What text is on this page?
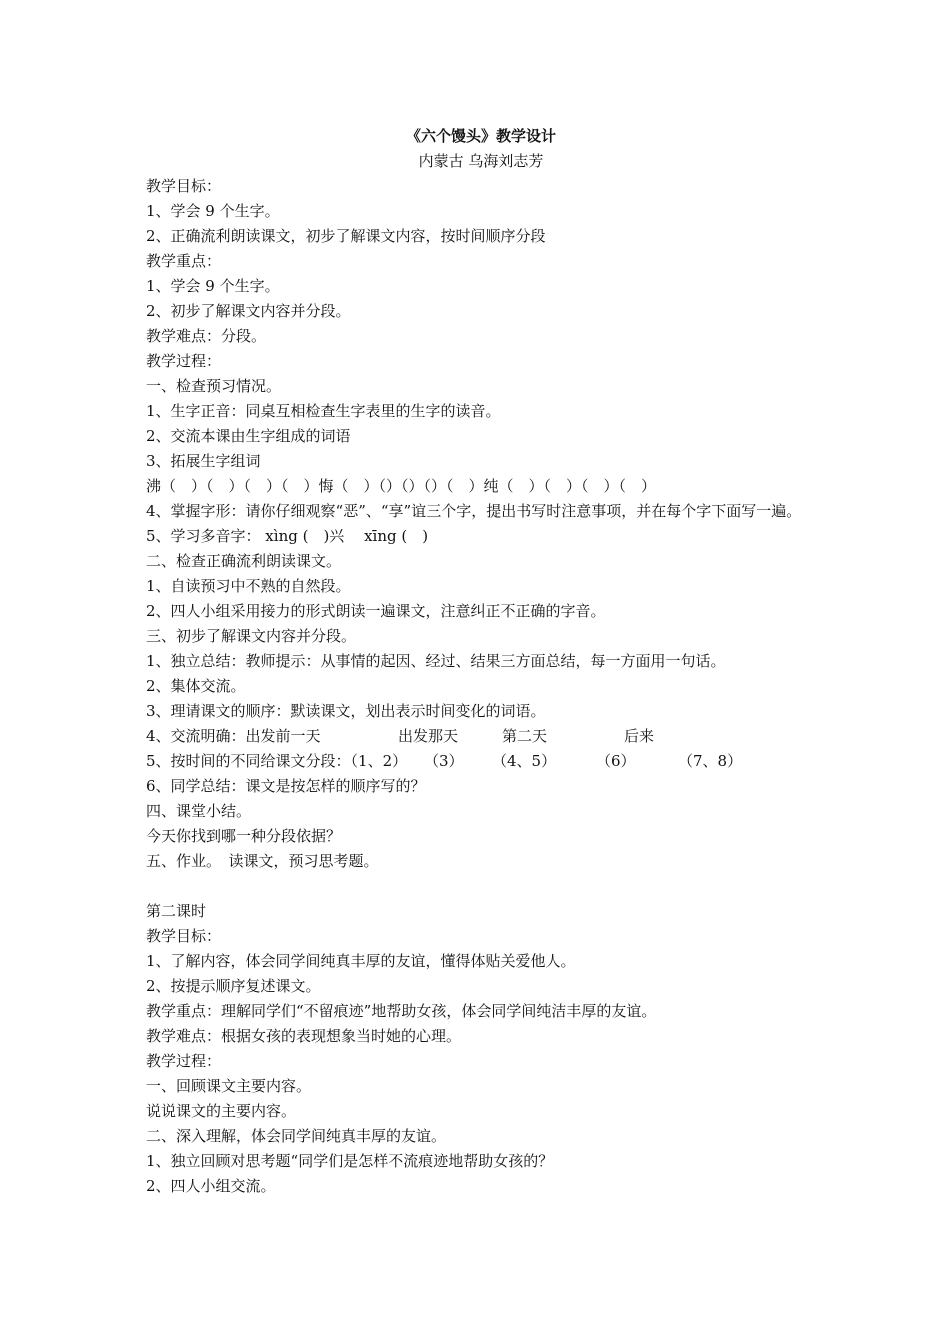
《六个馒头》教学设计
内蒙古 乌海刘志芳
教学目标：
1、学会 9 个生字。
2、正确流利朗读课文，初步了解课文内容，按时间顺序分段
教学重点：
1、学会 9 个生字。
2、初步了解课文内容并分段。
教学难点：分段。
教学过程：
一、检查预习情况。
1、生字正音：同桌互相检查生字表里的生字的读音。
2、交流本课由生字组成的词语
3、拓展生字组词
沸（　）（　）（　）（　）悔（　）（）（）（）（　）纯（　）（　）（　）（　）
4、掌握字形：请你仔细观察“恶”、“享”谊三个字，提出书写时注意事项，并在每个字下面写一遍。
5、学习多音字： xìng (　)兴　 xīng (　)
二、检查正确流利朗读课文。
1、自读预习中不熟的自然段。
2、四人小组采用接力的形式朗读一遍课文，注意纠正不正确的字音。
三、初步了解课文内容并分段。
1、独立总结：教师提示：从事情的起因、经过、结果三方面总结，每一方面用一句话。
2、集体交流。
3、理请课文的顺序：默读课文，划出表示时间变化的词语。
4、交流明确：出发前一天	出发那天	第二天	后来
5、按时间的不同给课文分段：（1、2） （3） （4、5）	（6）	（7、8）
6、同学总结：课文是按怎样的顺序写的？
四、课堂小结。
今天你找到哪一种分段依据？
五、作业。　读课文，预习思考题。
第二课时
教学目标：
1、了解内容，体会同学间纯真丰厚的友谊，懂得体贴关爱他人。
2、按提示顺序复述课文。
教学重点：理解同学们“不留痕迹”地帮助女孩，体会同学间纯洁丰厚的友谊。
教学难点：根据女孩的表现想象当时她的心理。
教学过程：
一、回顾课文主要内容。
说说课文的主要内容。
二、深入理解，体会同学间纯真丰厚的友谊。
1、独立回顾对思考题“同学们是怎样不流痕迹地帮助女孩的？
2、四人小组交流。
